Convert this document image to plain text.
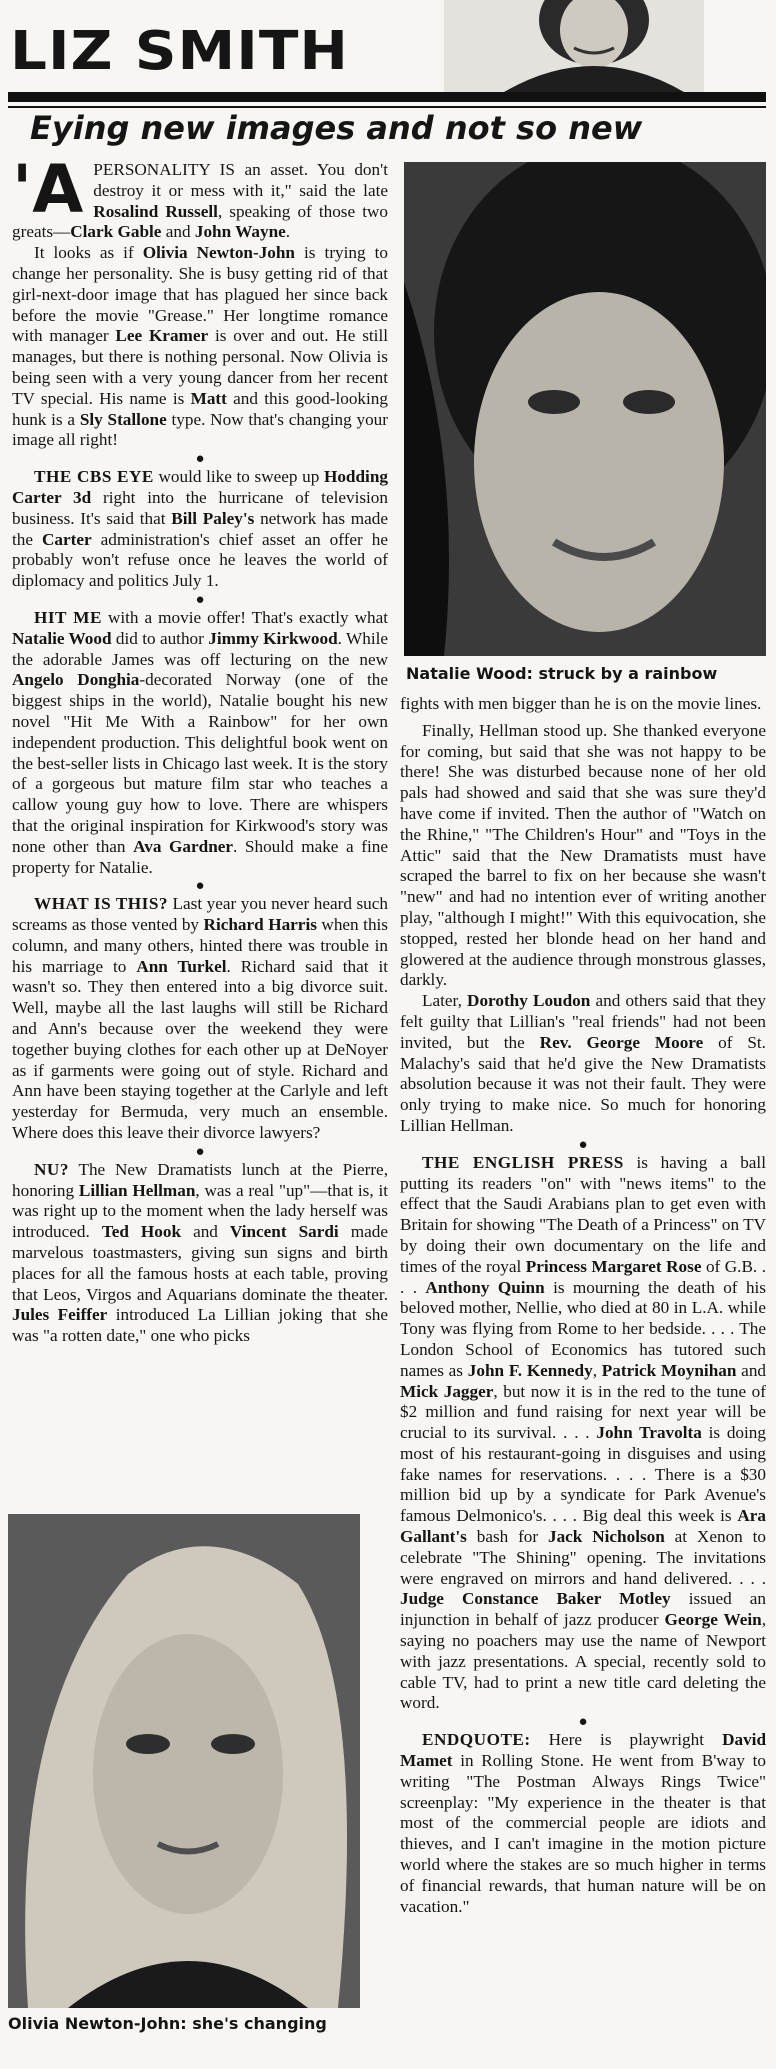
LIZ SMITH
Eying new images and not so new

'APERSONALITY IS an asset. You don't destroy it or mess with it," said the late Rosalind Russell, speaking of those two greats—Clark Gable and John Wayne.

It looks as if Olivia Newton-John is trying to change her personality. She is busy getting rid of that girl-next-door image that has plagued her since back before the movie "Grease." Her longtime romance with manager Lee Kramer is over and out. He still manages, but there is nothing personal. Now Olivia is being seen with a very young dancer from her recent TV special. His name is Matt and this good-looking hunk is a Sly Stallone type. Now that's changing your image all right!

●

THE CBS EYE would like to sweep up Hodding Carter 3d right into the hurricane of television business. It's said that Bill Paley's network has made the Carter administration's chief asset an offer he probably won't refuse once he leaves the world of diplomacy and politics July 1.

●

HIT ME with a movie offer! That's exactly what Natalie Wood did to author Jimmy Kirkwood. While the adorable James was off lecturing on the new Angelo Donghia-decorated Norway (one of the biggest ships in the world), Natalie bought his new novel "Hit Me With a Rainbow" for her own independent production. This delightful book went on the best-seller lists in Chicago last week. It is the story of a gorgeous but mature film star who teaches a callow young guy how to love. There are whispers that the original inspiration for Kirkwood's story was none other than Ava Gardner. Should make a fine property for Natalie.

●

WHAT IS THIS? Last year you never heard such screams as those vented by Richard Harris when this column, and many others, hinted there was trouble in his marriage to Ann Turkel. Richard said that it wasn't so. They then entered into a big divorce suit. Well, maybe all the last laughs will still be Richard and Ann's because over the weekend they were together buying clothes for each other up at DeNoyer as if garments were going out of style. Richard and Ann have been staying together at the Carlyle and left yesterday for Bermuda, very much an ensemble. Where does this leave their divorce lawyers?

●

NU? The New Dramatists lunch at the Pierre, honoring Lillian Hellman, was a real "up"—that is, it was right up to the moment when the lady herself was introduced. Ted Hook and Vincent Sardi made marvelous toastmasters, giving sun signs and birth places for all the famous hosts at each table, proving that Leos, Virgos and Aquarians dominate the theater. Jules Feiffer introduced La Lillian joking that she was "a rotten date," one who picks

Natalie Wood: struck by a rainbow

fights with men bigger than he is on the movie lines.

Finally, Hellman stood up. She thanked everyone for coming, but said that she was not happy to be there! She was disturbed because none of her old pals had showed and said that she was sure they'd have come if invited. Then the author of "Watch on the Rhine," "The Children's Hour" and "Toys in the Attic" said that the New Dramatists must have scraped the barrel to fix on her because she wasn't "new" and had no intention ever of writing another play, "although I might!" With this equivocation, she stopped, rested her blonde head on her hand and glowered at the audience through monstrous glasses, darkly.

Later, Dorothy Loudon and others said that they felt guilty that Lillian's "real friends" had not been invited, but the Rev. George Moore of St. Malachy's said that he'd give the New Dramatists absolution because it was not their fault. They were only trying to make nice. So much for honoring Lillian Hellman.

●

THE ENGLISH PRESS is having a ball putting its readers "on" with "news items" to the effect that the Saudi Arabians plan to get even with Britain for showing "The Death of a Princess" on TV by doing their own documentary on the life and times of the royal Princess Margaret Rose of G.B. . . . Anthony Quinn is mourning the death of his beloved mother, Nellie, who died at 80 in L.A. while Tony was flying from Rome to her bedside. . . . The London School of Economics has tutored such names as John F. Kennedy, Patrick Moynihan and Mick Jagger, but now it is in the red to the tune of $2 million and fund raising for next year will be crucial to its survival. . . . John Travolta is doing most of his restaurant-going in disguises and using fake names for reservations. . . . There is a $30 million bid up by a syndicate for Park Avenue's famous Delmonico's. . . . Big deal this week is Ara Gallant's bash for Jack Nicholson at Xenon to celebrate "The Shining" opening. The invitations were engraved on mirrors and hand delivered. . . . Judge Constance Baker Motley issued an injunction in behalf of jazz producer George Wein, saying no poachers may use the name of Newport with jazz presentations. A special, recently sold to cable TV, had to print a new title card deleting the word.

●

ENDQUOTE: Here is playwright David Mamet in Rolling Stone. He went from B'way to writing "The Postman Always Rings Twice" screenplay: "My experience in the theater is that most of the commercial people are idiots and thieves, and I can't imagine in the motion picture world where the stakes are so much higher in terms of financial rewards, that human nature will be on vacation."

Olivia Newton-John: she's changing
